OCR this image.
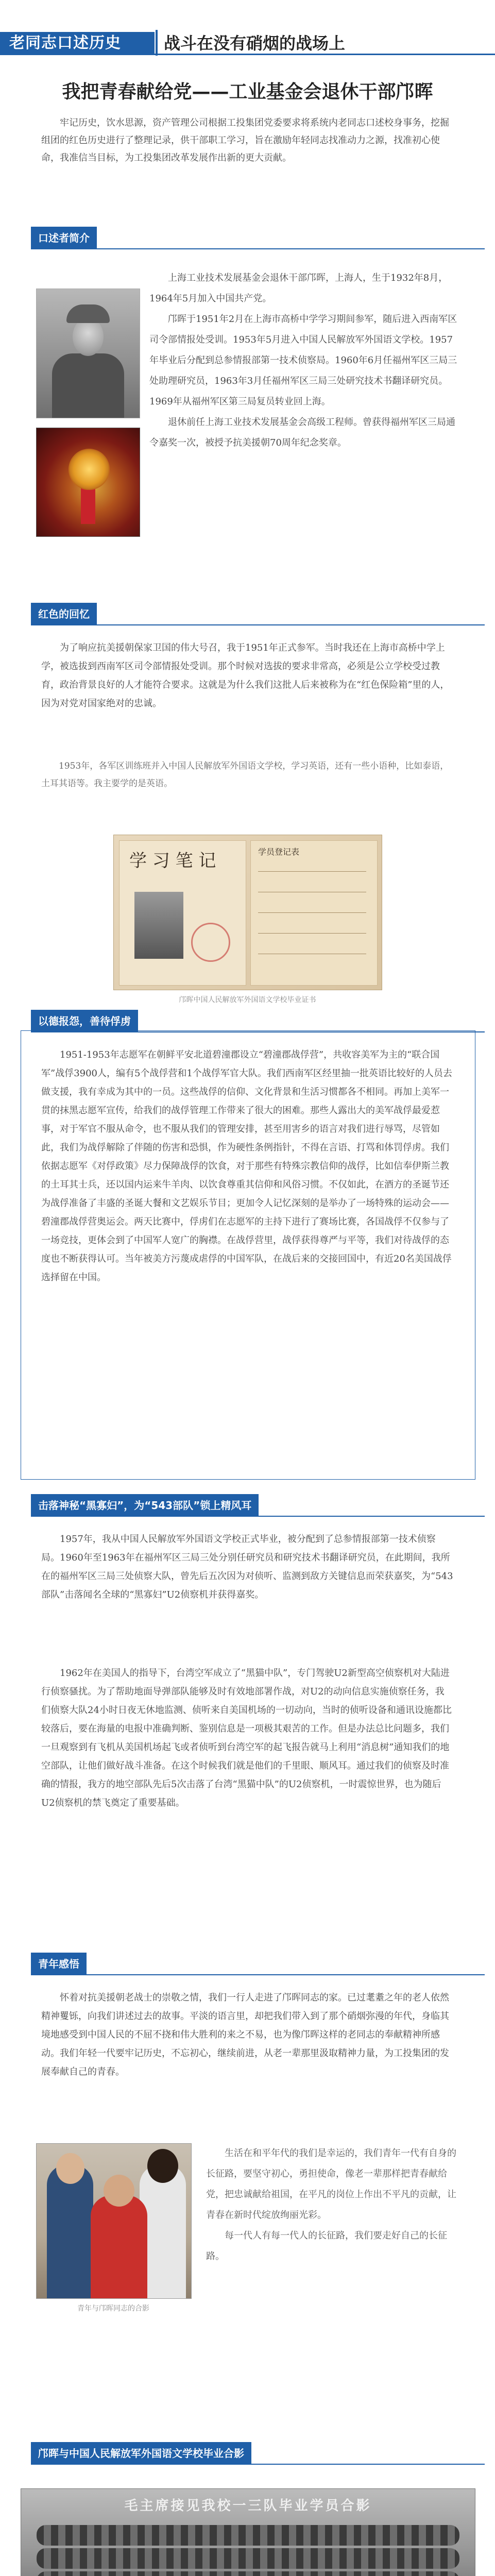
老同志口述历史	战斗在没有硝烟的战场上
我把青春献给党——工业基金会退休干部邝晖
牢记历史，饮水思源，资产管理公司根据工投集团党委要求将系统内老同志口述校身事务，挖掘组团的红色历史进行了整理记录，供干部职工学习，旨在激励年轻同志找准动力之源，找准初心使命，我准信当目标，为工投集团改革发展作出新的更大贡献。
口述者简介
上海工业技术发展基金会退休干部邝晖，上海人，生于1932年8月，1964年5月加入中国共产党。
邝晖于1951年2月在上海市高桥中学学习期间参军，随后进入西南军区司令部情报处受训。1953年5月进入中国人民解放军外国语文学校。1957年毕业后分配到总参情报部第一技术侦察局。1960年6月任福州军区三局三处助理研究员，1963年3月任福州军区三局三处研究技术书翻译研究员。1969年从福州军区第三局复员转业回上海。
退休前任上海工业技术发展基金会高级工程师。曾获得福州军区三局通令嘉奖一次，被授予抗美援朝70周年纪念奖章。
红色的回忆
为了响应抗美援朝保家卫国的伟大号召，我于1951年正式参军。当时我还在上海市高桥中学上学，被选拔到西南军区司令部情报处受训。那个时候对选拔的要求非常高，必须是公立学校受过教育，政治背景良好的人才能符合要求。这就是为什么我们这批人后来被称为在“红色保险箱”里的人，因为对党对国家绝对的忠诚。
1953年，各军区训练班并入中国人民解放军外国语文学校，学习英语，还有一些小语种，比如泰语，土耳其语等。我主要学的是英语。
学 习 笔 记	学员登记表
邝晖中国人民解放军外国语文学校毕业证书
以德报怨，善待俘虏
1951-1953年志愿军在朝鲜平安北道碧潼郡设立“碧潼郡战俘营”，共收容美军为主的“联合国军”战俘3900人，编有5个战俘营和1个战俘军官大队。我们西南军区经里抽一批英语比较好的人员去做支援，我有幸成为其中的一员。这些战俘的信仰、文化背景和生活习惯都各不相同。再加上美军一贯的抹黑志愿军宣传，给我们的战俘管理工作带来了很大的困难。那些人露出大的美军战俘最爱惹事，对于军官不服从命令，也不服从我们的管理安排，甚至用害乡的语言对我们进行辱骂，尽管如此，我们为战俘解除了伴随的伤害和恐惧，作为硬性条例指针，不得在言语、打骂和体罚俘虏。我们依据志愿军《对俘政策》尽力保障战俘的饮食，对于那些有特殊宗教信仰的战俘，比如信奉伊斯兰教的土耳其士兵，还以国内运来牛羊肉、以饮食尊重其信仰和风俗习惯。不仅如此，在酒方的圣诞节还为战俘准备了丰盛的圣诞大餐和文艺娱乐节目；更加令人记忆深刻的是举办了一场特殊的运动会——碧潼郡战俘营奥运会。两天比赛中，俘虏们在志愿军的主持下进行了赛场比赛，各国战俘不仅参与了一场竞技，更体会到了中国军人宽广的胸襟。在战俘营里，战俘获得尊严与平等，我们对待战俘的态度也不断获得认可。当年被美方污蔑成虐俘的中国军队，在战后来的交接回国中，有近20名美国战俘选择留在中国。
击落神秘“黑寡妇”，为“543部队”锁上精风耳
1957年，我从中国人民解放军外国语文学校正式毕业，被分配到了总参情报部第一技术侦察局。1960年至1963年在福州军区三局三处分别任研究员和研究技术书翻译研究员，在此期间，我所在的福州军区三局三处侦察大队，曾先后五次因为对侦听、监测到敌方关键信息而荣获嘉奖，为“543部队”击落闻名全球的“黑寡妇”U2侦察机并获得嘉奖。
1962年在美国人的指导下，台湾空军成立了“黑猫中队”，专门驾驶U2新型高空侦察机对大陆进行侦察骚扰。为了帮助地面导弹部队能够及时有效地部署作战，对U2的动向信息实施侦察任务，我们侦察大队24小时日夜无休地监测、侦听来自美国机场的一切动向，当时的侦听设备和通讯设施都比较落后，要在海量的电报中准确判断、鉴别信息是一项极其艰苦的工作。但是办法总比问题多，我们一旦观察到有飞机从美国机场起飞或者侦听到台湾空军的起飞报告就马上利用“消息树”通知我们的地空部队，让他们做好战斗准备。在这个时候我们就是他们的千里眼、顺风耳。通过我们的侦察及时准确的情报，我方的地空部队先后5次击落了台湾“黑猫中队”的U2侦察机，一时震惊世界，也为随后U2侦察机的禁飞奠定了重要基础。
青年感悟
怀着对抗美援朝老战士的崇敬之情，我们一行人走进了邝晖同志的家。已过耄耋之年的老人依然精神矍铄，向我们讲述过去的故事。平淡的语言里，却把我们带入到了那个硝烟弥漫的年代，身临其境地感受到中国人民的不屈不挠和伟大胜利的来之不易，也为像邝晖这样的老同志的奉献精神所感动。我们年轻一代要牢记历史，不忘初心，继续前进，从老一辈那里汲取精神力量，为工投集团的发展奉献自己的青春。
青年与邝晖同志的合影
生活在和平年代的我们是幸运的，我们青年一代有自身的长征路，要坚守初心，勇担使命，像老一辈那样把青春献给党，把忠诚献给祖国，在平凡的岗位上作出不平凡的贡献，让青春在新时代绽放绚丽光彩。
每一代人有每一代人的长征路，我们要走好自己的长征路。
邝晖与中国人民解放军外国语文学校毕业合影
毛主席接见我校一三队毕业学员合影
